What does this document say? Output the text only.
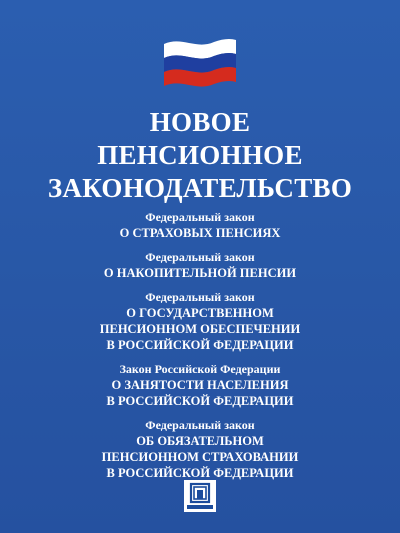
НОВОЕ
ПЕНСИОННОЕ
ЗАКОНОДАТЕЛЬСТВО
Федеральный закон
О СТРАХОВЫХ ПЕНСИЯХ
Федеральный закон
О НАКОПИТЕЛЬНОЙ ПЕНСИИ
Федеральный закон
О ГОСУДАРСТВЕННОМ
ПЕНСИОННОМ ОБЕСПЕЧЕНИИ
В РОССИЙСКОЙ ФЕДЕРАЦИИ
Закон Российской Федерации
О ЗАНЯТОСТИ НАСЕЛЕНИЯ
В РОССИЙСКОЙ ФЕДЕРАЦИИ
Федеральный закон
ОБ ОБЯЗАТЕЛЬНОМ
ПЕНСИОННОМ СТРАХОВАНИИ
В РОССИЙСКОЙ ФЕДЕРАЦИИ
